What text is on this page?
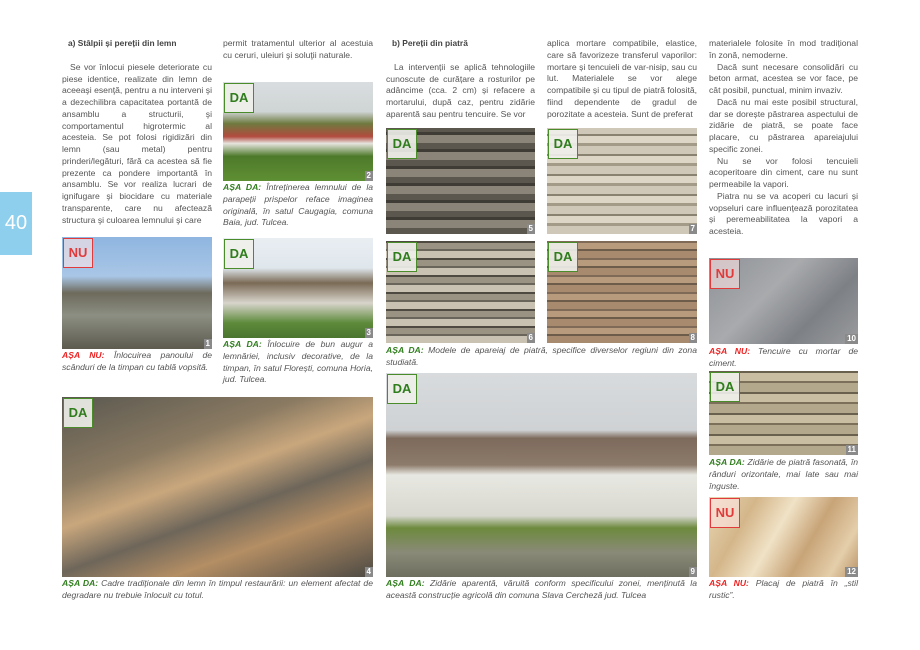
40
a) Stâlpii și pereții din lemn

Se vor înlocui piesele deteriorate cu piese identice, realizate din lemn de aceeaşi esenţă, pentru a nu interveni şi a dezechilibra capacitatea portantă de ansamblu a structurii, şi comportamentul higrotermic al acesteia. Se pot folosi rigidizări din lemn (sau metal) pentru prinderi/legături, fără ca acestea să fie prezente ca pondere importantă în ansamblu. Se vor realiza lucrari de ignifugare şi biocidare cu materiale transparente, care nu afectează structura şi culoarea lemnului şi care

permit tratamentul ulterior al acestuia cu ceruri, uleiuri şi soluţii naturale.

b) Pereții din piatră

La intervenții se aplică tehnologiile cunoscute de curățare a rosturilor pe adâncime (cca. 2 cm) și refacere a mortarului, după caz, pentru zidărie aparentă sau pentru tencuire. Se vor

aplica mortare compatibile, elastice, care să favorizeze transferul vaporilor: mortare și tencuieli de var-nisip, sau cu lut. Materialele se vor alege compatibile și cu tipul de piatră folosită, fiind dependente de gradul de porozitate a acesteia. Sunt de preferat

materialele folosite în mod tradițional în zonă, nemoderne.

Dacă sunt necesare consolidări cu beton armat, acestea se vor face, pe cât posibil, punctual, minim invaziv.

Dacă nu mai este posibil structural, dar se dorește păstrarea aspectului de zidărie de piatră, se poate face placare, cu păstrarea apareiajului specific zonei.

Nu se vor folosi tencuieli acoperitoare din ciment, care nu sunt permeabile la vapori.

Piatra nu se va acoperi cu lacuri și vopseluri care influențează porozitatea și peremeabilitatea la vapori a acesteia.

NU
1
AȘA NU: Înlocuirea panoului de scânduri de la timpan cu tablă vopsită.
DA
2
AȘA DA: Întreținerea lemnului de la parapeții prispelor reface imaginea originală, în satul Caugagia, comuna Baia, jud. Tulcea.
DA
3
AȘA DA: Înlocuire de bun augur a lemnăriei, inclusiv decorative, de la timpan, în satul Florești, comuna Horia, jud. Tulcea.
DA
4
AȘA DA: Cadre tradiționale din lemn în timpul restaurării: un element afectat de degradare nu trebuie înlocuit cu totul.
DA
5
DA
7
DA
6
DA
8
AȘA DA: Modele de apareiaj de piatră, specifice diverselor regiuni din zona studiată.
DA
9
AȘA DA: Zidărie aparentă, văruită conform specificului zonei, menținută la această construcție agricolă din comuna Slava Cercheză jud. Tulcea
NU
10
AȘA NU: Tencuire cu mortar de ciment.
DA
11
AȘA DA: Zidărie de piatră fasonată, în rânduri orizontale, mai late sau mai înguste.
NU
12
AȘA NU: Placaj de piatră în „stil rustic”.
